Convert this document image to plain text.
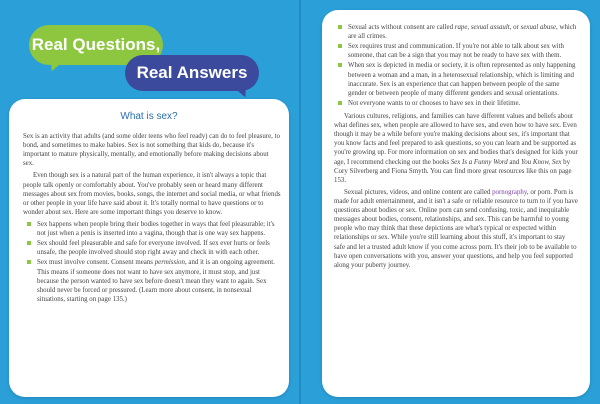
Real Questions,
Real Answers
What is sex?

Sex is an activity that adults (and some older teens who feel ready) can do to feel pleasure, to bond, and sometimes to make babies. Sex is not something that kids do, because it's important to mature physically, mentally, and emotionally before making decisions about sex.

Even though sex is a natural part of the human experience, it isn't always a topic that people talk openly or comfortably about. You've probably seen or heard many different messages about sex from movies, books, songs, the internet and social media, or what friends or other people in your life have said about it. It's totally normal to have questions or to wonder about sex. Here are some important things you deserve to know.

Sex happens when people bring their bodies together in ways that feel pleasurable; it's not just when a penis is inserted into a vagina, though that is one way sex happens.
Sex should feel pleasurable and safe for everyone involved. If sex ever hurts or feels unsafe, the people involved should stop right away and check in with each other.
Sex must involve consent. Consent means permission, and it is an ongoing agreement. This means if someone does not want to have sex anymore, it must stop, and just because the person wanted to have sex before doesn't mean they want to again. Sex should never be forced or pressured. (Learn more about consent, in nonsexual situations, starting on page 135.)
Sexual acts without consent are called rape, sexual assault, or sexual abuse, which are all crimes.
Sex requires trust and communication. If you're not able to talk about sex with someone, that can be a sign that you may not be ready to have sex with them.
When sex is depicted in media or society, it is often represented as only happening between a woman and a man, in a heterosexual relationship, which is limiting and inaccurate. Sex is an experience that can happen between people of the same gender or between people of many different genders and sexual orientations.
Not everyone wants to or chooses to have sex in their lifetime.

Various cultures, religions, and families can have different values and beliefs about what defines sex, when people are allowed to have sex, and even how to have sex. Even though it may be a while before you're making decisions about sex, it's important that you know facts and feel prepared to ask questions, so you can learn and be supported as you're growing up. For more information on sex and bodies that's designed for kids your age, I recommend checking out the books Sex Is a Funny Word and You Know, Sex by Cory Silverberg and Fiona Smyth. You can find more great resources like this on page 153.

Sexual pictures, videos, and online content are called pornography, or porn. Porn is made for adult entertainment, and it isn't a safe or reliable resource to turn to if you have questions about bodies or sex. Online porn can send confusing, toxic, and inequitable messages about bodies, consent, relationships, and sex. This can be harmful to young people who may think that these depictions are what's typical or expected within relationships or sex. While you're still learning about this stuff, it's important to stay safe and let a trusted adult know if you come across porn. It's their job to be available to have open conversations with you, answer your questions, and help you feel supported along your puberty journey.
